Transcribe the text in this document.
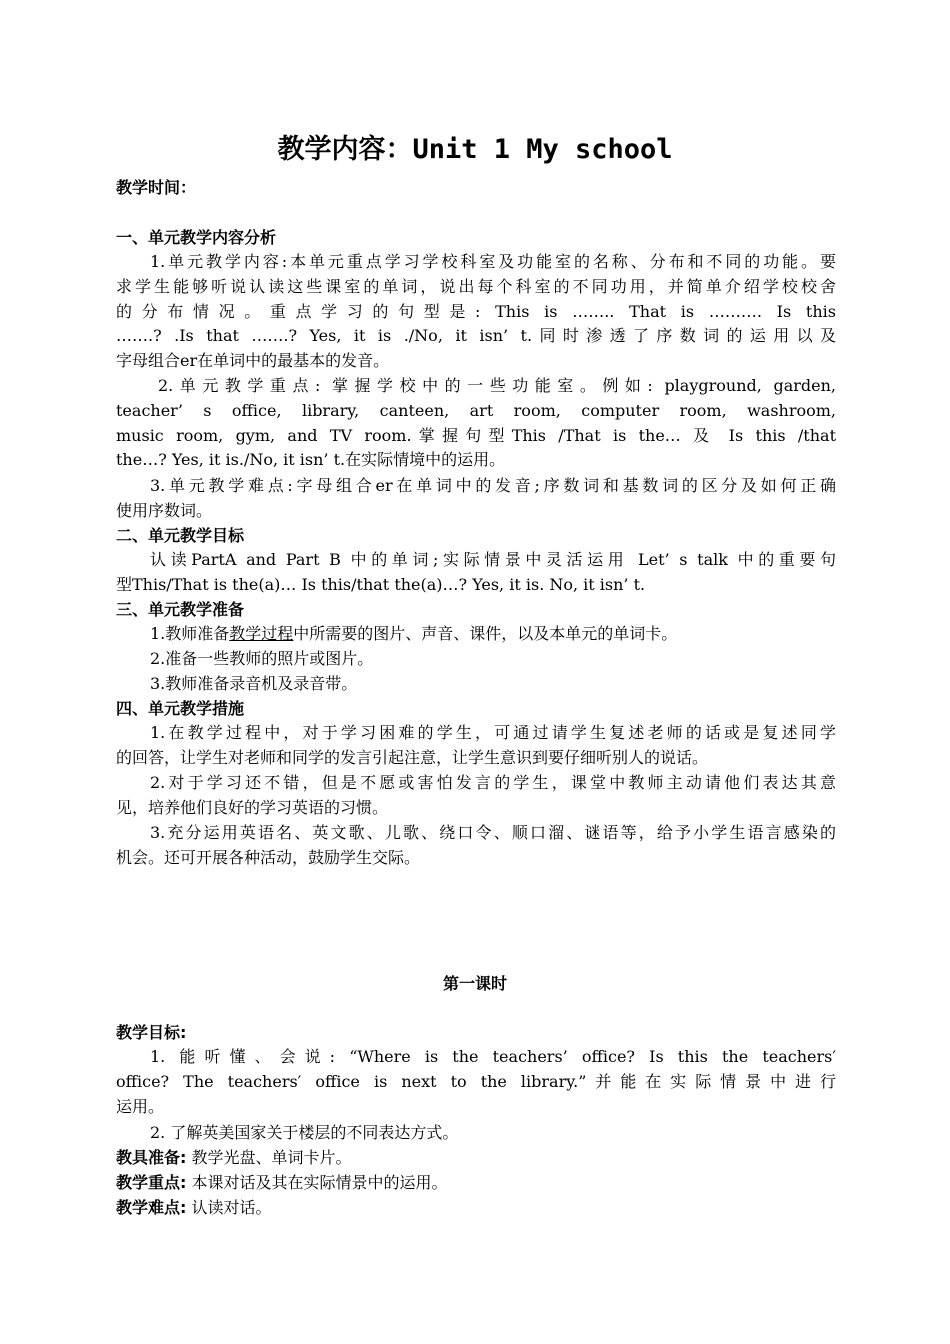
教学内容：Unit 1 My school
教学时间：
一、单元教学内容分析
1.单元教学内容:本单元重点学习学校科室及功能室的名称、分布和不同的功能。要
求学生能够听说认读这些课室的单词，说出每个科室的不同功用，并简单介绍学校校舍
的分布情况。重点学习的句型是: This is …….. That is ………. Is this
…….? .Is that …….? Yes, it is ./No, it isn’ t.同时渗透了序数词的运用以及
字母组合er在单词中的最基本的发音。
2.单元教学重点: 掌握学校中的一些功能室。例如: playground, garden,
teacher’ s office, library, canteen, art room, computer room, washroom,
music room, gym, and TV room.掌握句型This /That is the… 及 Is this /that
the…? Yes, it is./No, it isn’ t.在实际情境中的运用。
3.单元教学难点:字母组合er在单词中的发音;序数词和基数词的区分及如何正确
使用序数词。
二、单元教学目标
认读PartA and Part B 中的单词;实际情景中灵活运用 Let’ s talk 中的重要句
型This/That is the(a)… Is this/that the(a)…? Yes, it is. No, it isn’ t.
三、单元教学准备
1.教师准备教学过程中所需要的图片、声音、课件，以及本单元的单词卡。
2.准备一些教师的照片或图片。
3.教师准备录音机及录音带。
四、单元教学措施
1.在教学过程中，对于学习困难的学生，可通过请学生复述老师的话或是复述同学
的回答，让学生对老师和同学的发言引起注意，让学生意识到要仔细听别人的说话。
2.对于学习还不错，但是不愿或害怕发言的学生，课堂中教师主动请他们表达其意
见，培养他们良好的学习英语的习惯。
3.充分运用英语名、英文歌、儿歌、绕口令、顺口溜、谜语等，给予小学生语言感染的
机会。还可开展各种活动，鼓励学生交际。
第一课时
教学目标:
1. 能听懂、会说: “Where is the teachers’ office? Is this the teachers′
office? The teachers′ office is next to the library.”并能在实际情景中进行
运用。
2. 了解英美国家关于楼层的不同表达方式。
教具准备: 教学光盘、单词卡片。
教学重点: 本课对话及其在实际情景中的运用。
教学难点: 认读对话。
